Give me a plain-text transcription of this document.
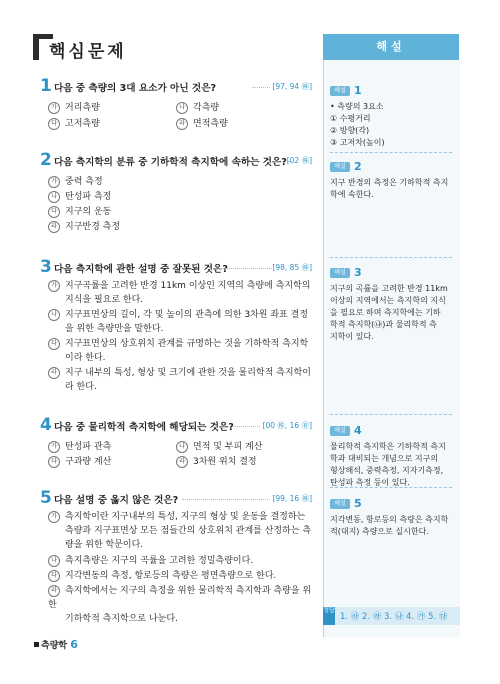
핵심문제	해설
1 다음 중 측량의 3대 요소가 아닌 것은?	[97, 94 ㊑]
가 거리측량	나 각측량
다 고저측량	라 면적측량
2 다음 측지학의 분류 중 기하학적 측지학에 속하는 것은? [02 ㊑]
가 중력 측정
나 탄성파 측정
다 지구의 운동
라 지구반경 측정
3 다음 측지학에 관한 설명 중 잘못된 것은?	[98, 85 ㊑]
가 지구곡률을 고려한 반경 11km 이상인 지역의 측량에 측지학의
지식을 필요로 한다.
나 지구표면상의 길이, 각 및 높이의 관측에 의한 3차원 좌표 결정
을 위한 측량만을 말한다.
다 지구표면상의 상호위치 관계를 규명하는 것을 기하학적 측지학
이라 한다.
라 지구 내부의 특성, 형상 및 크기에 관한 것을 물리학적 측지학이
라 한다.
4 다음 중 물리학적 측지학에 해당되는 것은?	[00 ㊑, 16 ㊒]
가 탄성파 관측	나 면적 및 부피 계산
다 구과량 계산	라 3차원 위치 결정
5 다음 설명 중 옳지 않은 것은?	[99, 16 ㊑]
가 측지학이란 지구내부의 특성, 지구의 형상 및 운동을 결정하는
측량과 지구표면상 모든 점들간의 상호위치 관계를 산정하는 측
량을 위한 학문이다.
나 측지측량은 지구의 곡률을 고려한 정밀측량이다.
다 지각변동의 측정, 항로등의 측량은 평면측량으로 한다.
라 측지학에서는 지구의 측정을 위한 물리학적 측지학과 측량을 위한
기하학적 측지학으로 나눈다.
해설 1
• 측량의 3요소
① 수평거리
② 방향(각)
③ 고저차(높이)
해설 2
지구 반경의 측정은 기하학적 측지
학에 속한다.
해설 3
지구의 곡률을 고려한 반경 11km
이상의 지역에서는 측지학의 지식
을 필요로 하며 측지학에는 기하
학적 측지학(㉯)과 물리학적 측
지학이 있다.
해설 4
물리학적 측지학은 기하학적 측지
학과 대비되는 개념으로 지구의
형상해석, 중력측정, 지자기측정,
탄성파 측정 등이 있다.
해설 5
지각변동, 항로등의 측량은 측지학
적(대지) 측량으로 실시한다.
정답
1. ㉱ 2. ㉱ 3. ㉯ 4. ㉮ 5. ㉰
측량학 6
